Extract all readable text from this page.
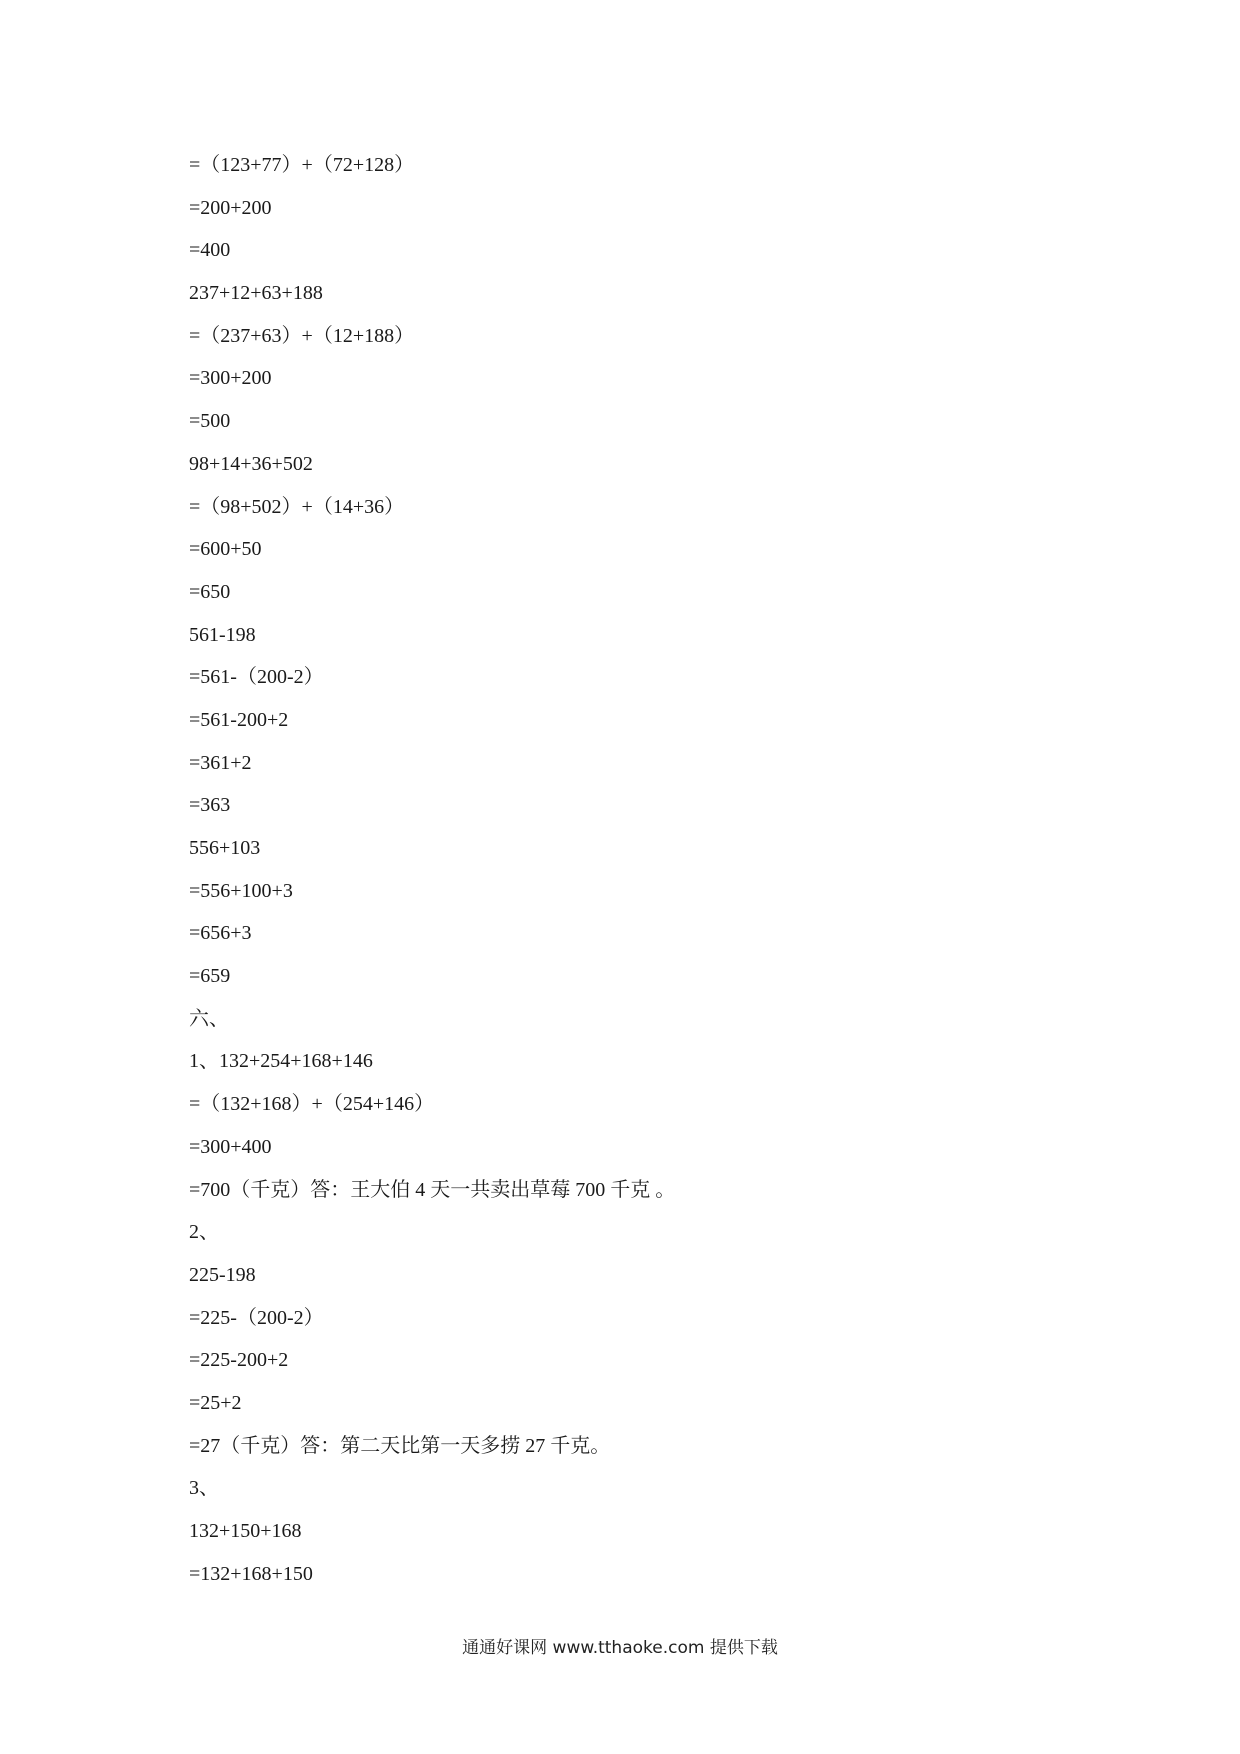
=（123+77）+（72+128）
=200+200
=400
237+12+63+188
=（237+63）+（12+188）
=300+200
=500
98+14+36+502
=（98+502）+（14+36）
=600+50
=650
561-198
=561-（200-2）
=561-200+2
=361+2
=363
556+103
=556+100+3
=656+3
=659
六、
1、132+254+168+146
=（132+168）+（254+146）
=300+400
=700（千克）答：王大伯 4 天一共卖出草莓 700 千克 。
2、
225-198
=225-（200-2）
=225-200+2
=25+2
=27（千克）答：第二天比第一天多捞 27 千克。
3、
132+150+168
=132+168+150
通通好课网 www.tthaoke.com 提供下载
